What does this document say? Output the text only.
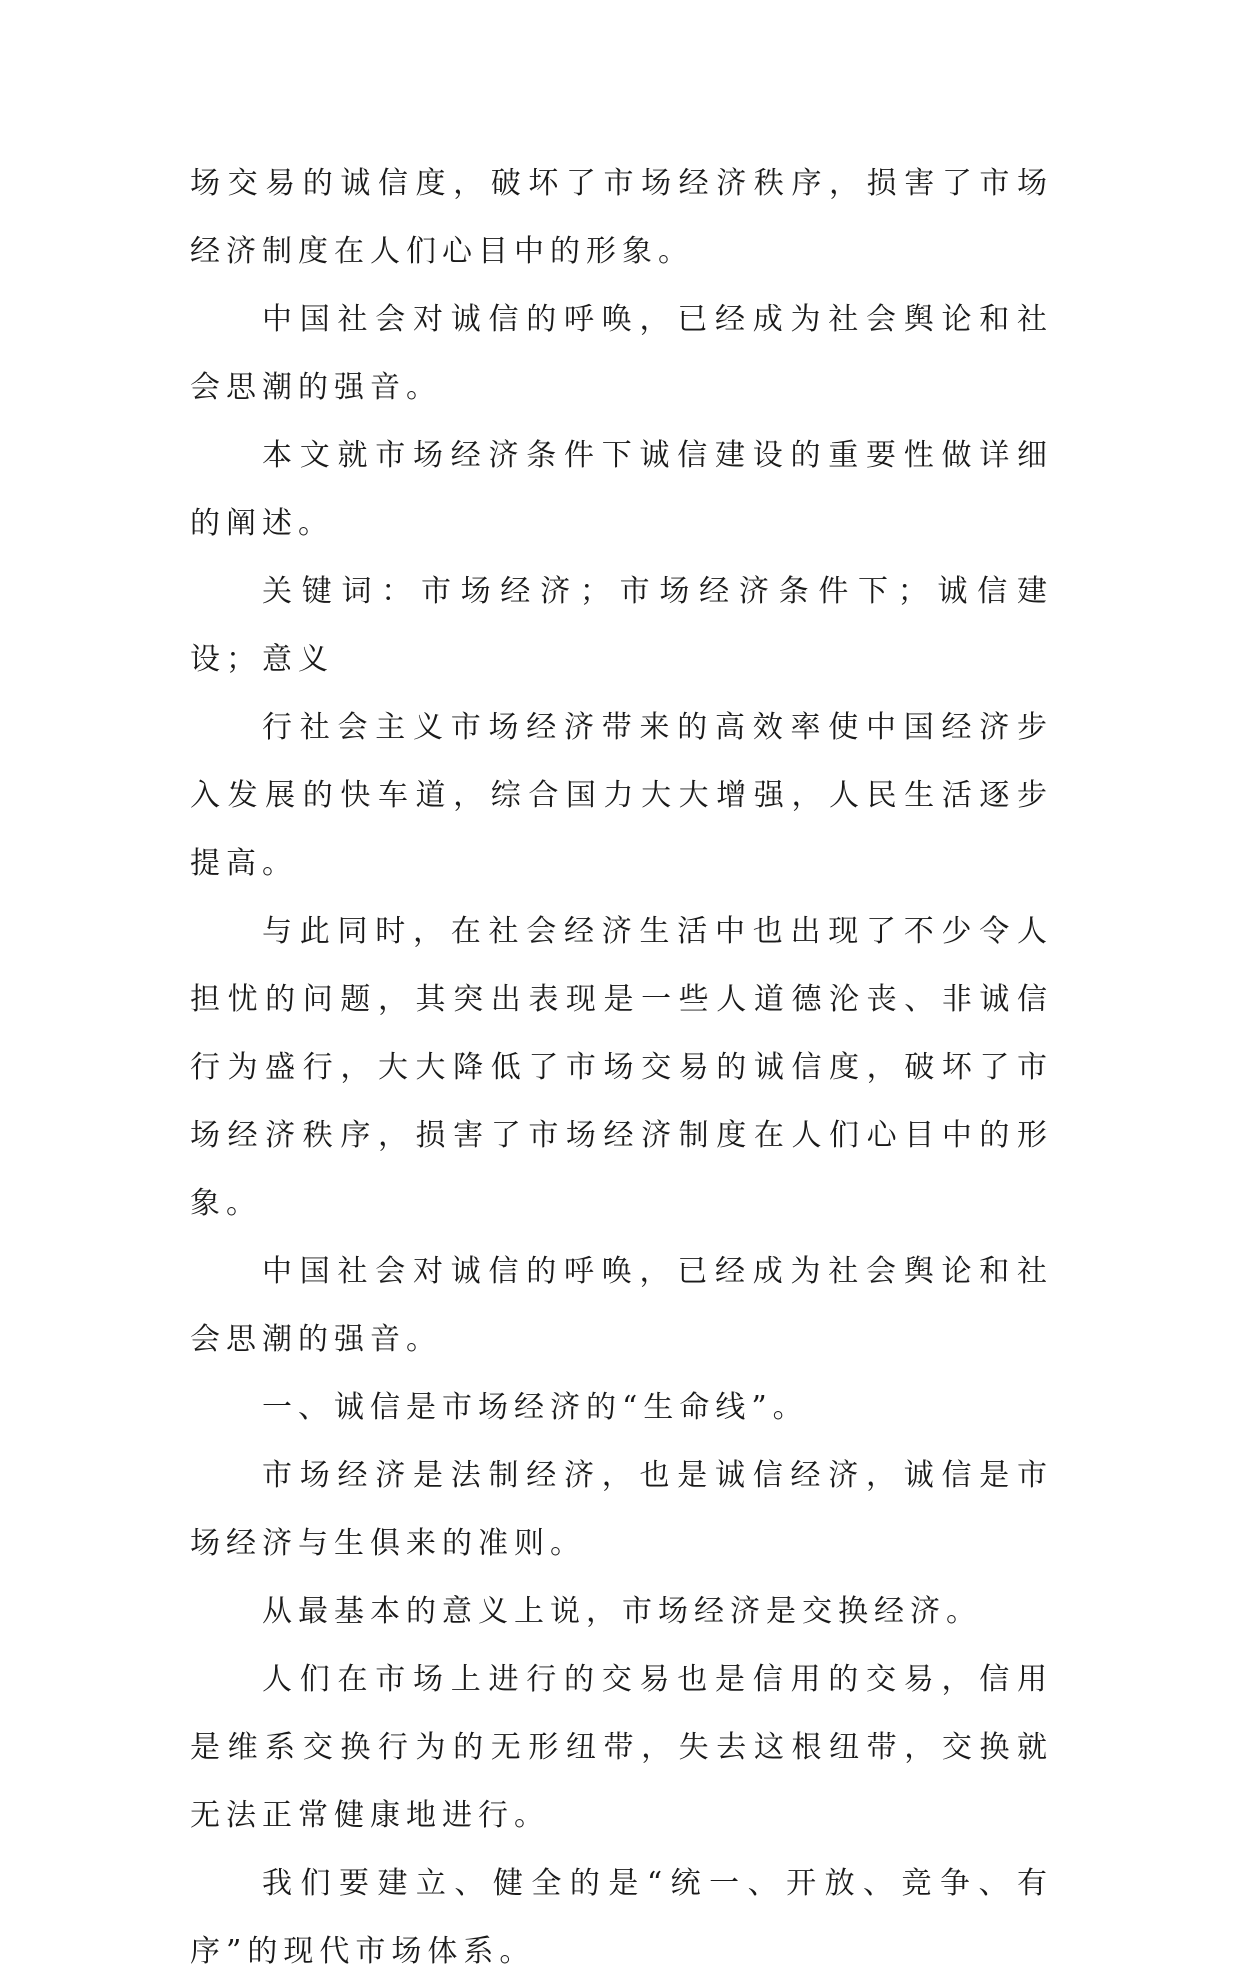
场交易的诚信度，破坏了市场经济秩序，损害了市场经济制度在人们心目中的形象。

中国社会对诚信的呼唤，已经成为社会舆论和社会思潮的强音。

本文就市场经济条件下诚信建设的重要性做详细的阐述。

关键词：市场经济；市场经济条件下；诚信建设；意义

行社会主义市场经济带来的高效率使中国经济步入发展的快车道，综合国力大大增强，人民生活逐步提高。

与此同时，在社会经济生活中也出现了不少令人担忧的问题，其突出表现是一些人道德沦丧、非诚信行为盛行，大大降低了市场交易的诚信度，破坏了市场经济秩序，损害了市场经济制度在人们心目中的形象。

中国社会对诚信的呼唤，已经成为社会舆论和社会思潮的强音。

一、诚信是市场经济的“生命线”。

市场经济是法制经济，也是诚信经济，诚信是市场经济与生俱来的准则。

从最基本的意义上说，市场经济是交换经济。

人们在市场上进行的交易也是信用的交易，信用是维系交换行为的无形纽带，失去这根纽带，交换就无法正常健康地进行。

我们要建立、健全的是“统一、开放、竞争、有序”的现代市场体系。
